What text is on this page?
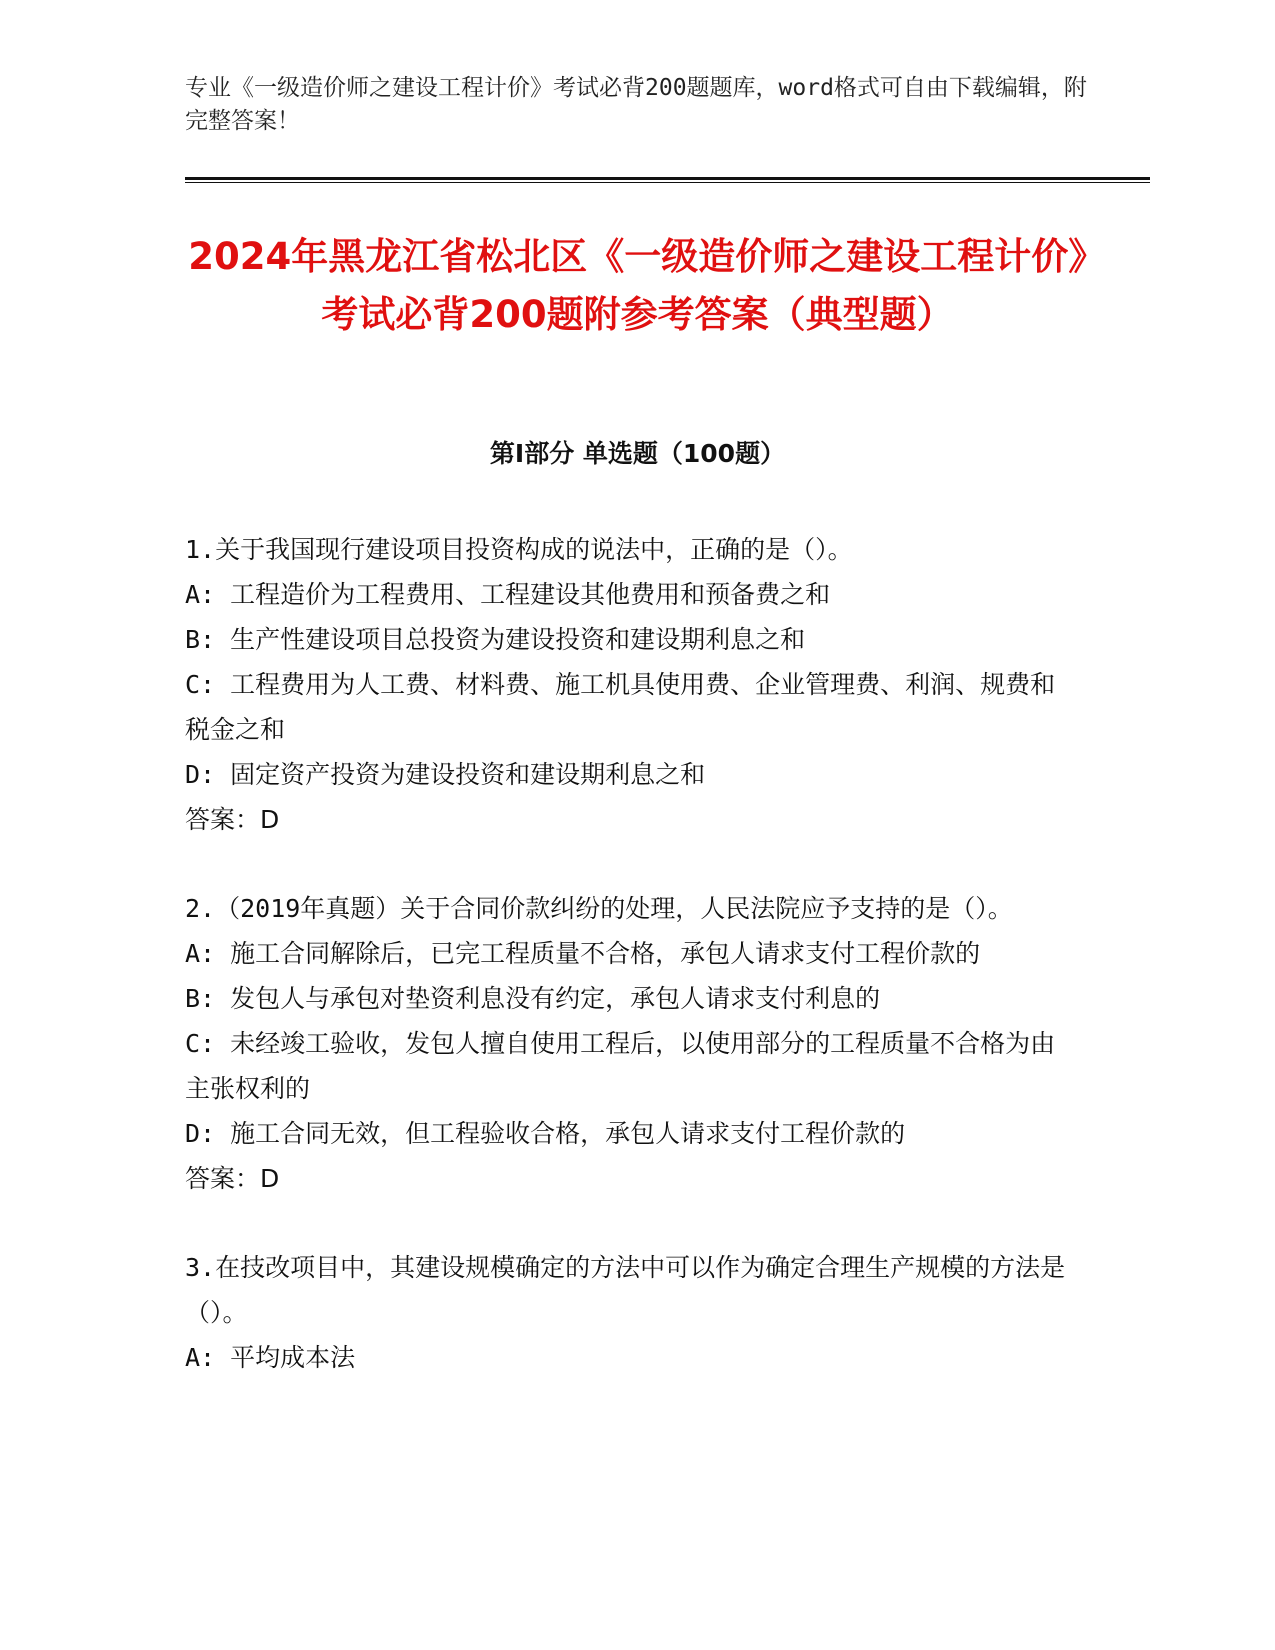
专业《一级造价师之建设工程计价》考试必背200题题库，word格式可自由下载编辑，附完整答案！
2024年黑龙江省松北区《一级造价师之建设工程计价》考试必背200题附参考答案（典型题）
第I部分 单选题（100题）
1.关于我国现行建设项目投资构成的说法中，正确的是（）。
A: 工程造价为工程费用、工程建设其他费用和预备费之和
B: 生产性建设项目总投资为建设投资和建设期利息之和
C: 工程费用为人工费、材料费、施工机具使用费、企业管理费、利润、规费和税金之和
D: 固定资产投资为建设投资和建设期利息之和
答案：D
2.（2019年真题）关于合同价款纠纷的处理，人民法院应予支持的是（）。
A: 施工合同解除后，已完工程质量不合格，承包人请求支付工程价款的
B: 发包人与承包对垫资利息没有约定，承包人请求支付利息的
C: 未经竣工验收，发包人擅自使用工程后，以使用部分的工程质量不合格为由主张权利的
D: 施工合同无效，但工程验收合格，承包人请求支付工程价款的
答案：D
3.在技改项目中，其建设规模确定的方法中可以作为确定合理生产规模的方法是（）。
A: 平均成本法
